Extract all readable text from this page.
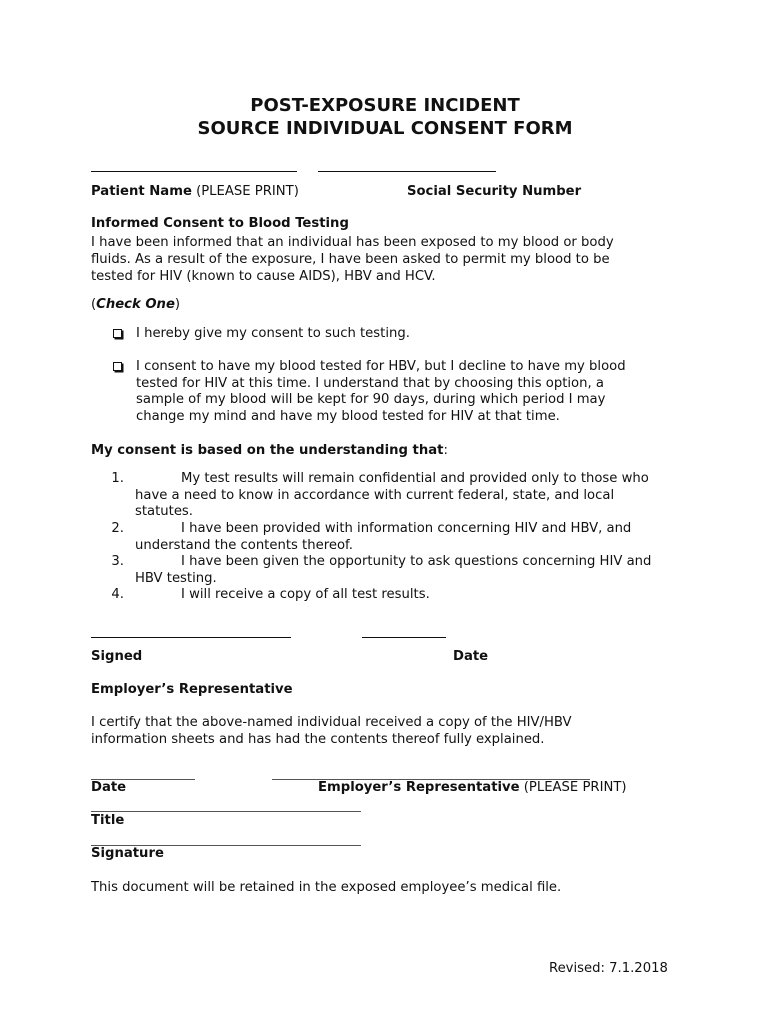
POST-EXPOSURE INCIDENT
SOURCE INDIVIDUAL CONSENT FORM
Patient Name (PLEASE PRINT)	Social Security Number
Informed Consent to Blood Testing
I have been informed that an individual has been exposed to my blood or body
fluids. As a result of the exposure, I have been asked to permit my blood to be
tested for HIV (known to cause AIDS), HBV and HCV.
(Check One)
I hereby give my consent to such testing.
I consent to have my blood tested for HBV, but I decline to have my blood
tested for HIV at this time. I understand that by choosing this option, a
sample of my blood will be kept for 90 days, during which period I may
change my mind and have my blood tested for HIV at that time.
My consent is based on the understanding that:
1.	My test results will remain confidential and provided only to those who
have a need to know in accordance with current federal, state, and local
statutes.
2.	I have been provided with information concerning HIV and HBV, and
understand the contents thereof.
3.	I have been given the opportunity to ask questions concerning HIV and
HBV testing.
4.	I will receive a copy of all test results.
Signed	Date
Employer’s Representative
I certify that the above-named individual received a copy of the HIV/HBV
information sheets and has had the contents thereof fully explained.
Date	Employer’s Representative (PLEASE PRINT)
Title
Signature
This document will be retained in the exposed employee’s medical file.
Revised: 7.1.2018
